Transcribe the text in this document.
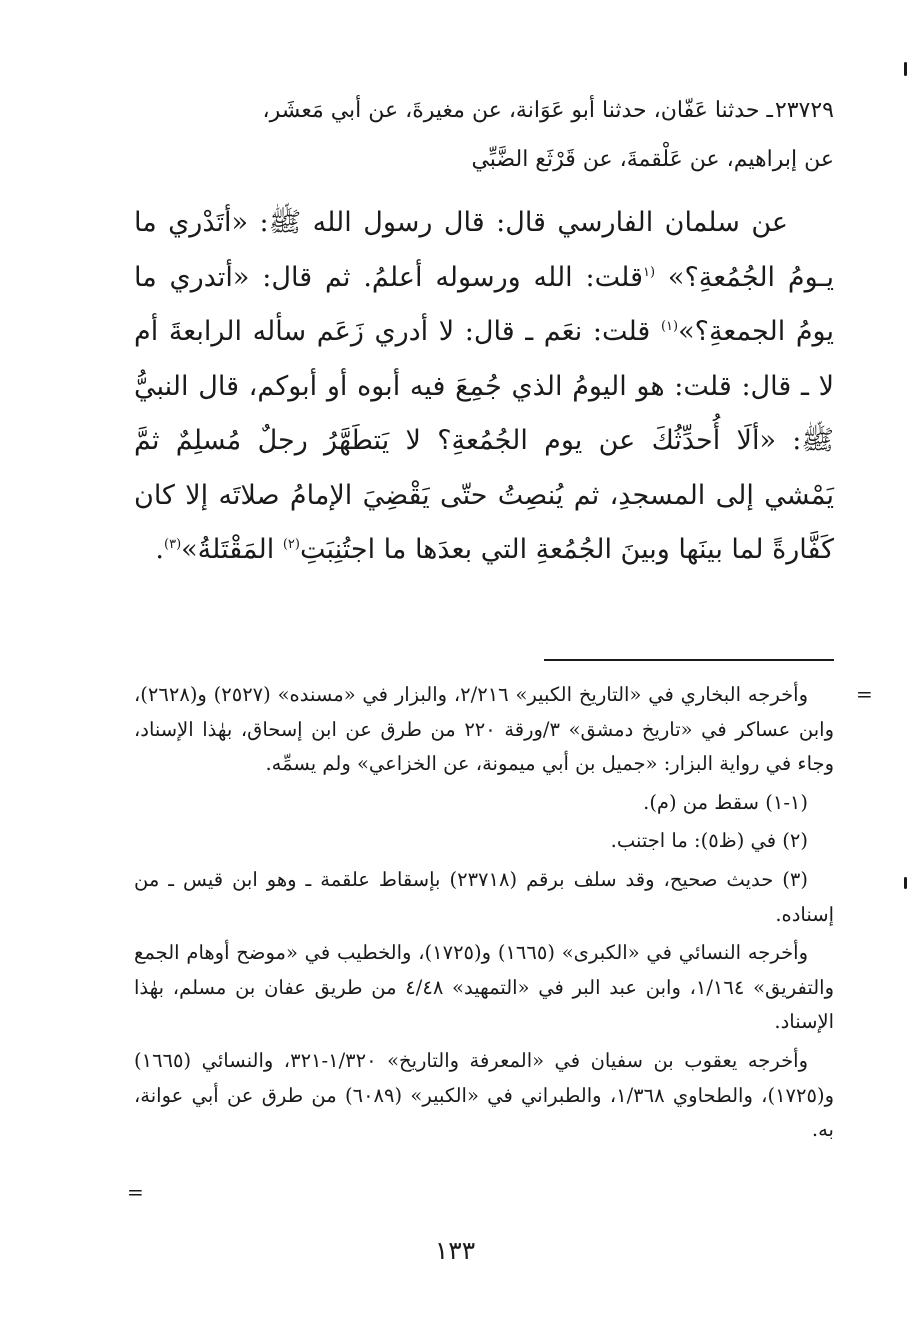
٢٣٧٢٩ـ حدثنا عَفّان، حدثنا أبو عَوَانة، عن مغيرةَ، عن أبي مَعشَر،
عن إبراهيم، عن عَلْقمةَ، عن قَرْثَع الضَّبِّي

عن سلمان الفارسي قال: قال رسول الله ﷺ: «أتَدْري ما يـومُ الجُمُعةِ؟» $^{(١}$قلت: الله ورسوله أعلمُ. ثم قال: «أتدري ما يومُ الجمعةِ؟»$^{(١)}$ قلت: نعَم ـ قال: لا أدري زَعَم سأله الرابعةَ أم لا ـ قال: قلت: هو اليومُ الذي جُمِعَ فيه أبوه أو أبوكم، قال النبيُّ ﷺ: «ألَا أُحدِّثُكَ عن يوم الجُمُعةِ؟ لا يَتطَهَّرُ رجلٌ مُسلِمٌ ثمَّ يَمْشي إلى المسجدِ، ثم يُنصِتُ حتّى يَقْضِيَ الإمامُ صلاتَه إلا كان كَفَّارةً لما بينَها وبينَ الجُمُعةِ التي بعدَها ما اجتُنِبَتِ$^{(٢)}$ المَقْتَلةُ»$^{(٣)}$.

=

وأخرجه البخاري في «التاريخ الكبير» ٢/٢١٦، والبزار في «مسنده» (٢٥٢٧) و(٢٦٢٨)، وابن عساكر في «تاريخ دمشق» ٣/ورقة ٢٢٠ من طرق عن ابن إسحاق، بهٰذا الإسناد، وجاء في رواية البزار: «جميل بن أبي ميمونة، عن الخزاعي» ولم يسمِّه.

(١-١) سقط من (م).

(٢) في (ظ٥): ما اجتنب.

(٣) حديث صحيح، وقد سلف برقم (٢٣٧١٨) بإسقاط علقمة ـ وهو ابن قيس ـ من إسناده.

وأخرجه النسائي في «الكبرى» (١٦٦٥) و(١٧٢٥)، والخطيب في «موضح أوهام الجمع والتفريق» ١/١٦٤، وابن عبد البر في «التمهيد» ٤/٤٨ من طريق عفان بن مسلم، بهٰذا الإسناد.

وأخرجه يعقوب بن سفيان في «المعرفة والتاريخ» ١/٣٢٠-٣٢١، والنسائي (١٦٦٥) و(١٧٢٥)، والطحاوي ١/٣٦٨، والطبراني في «الكبير» (٦٠٨٩) من طرق عن أبي عوانة، به.

=
١٣٣
